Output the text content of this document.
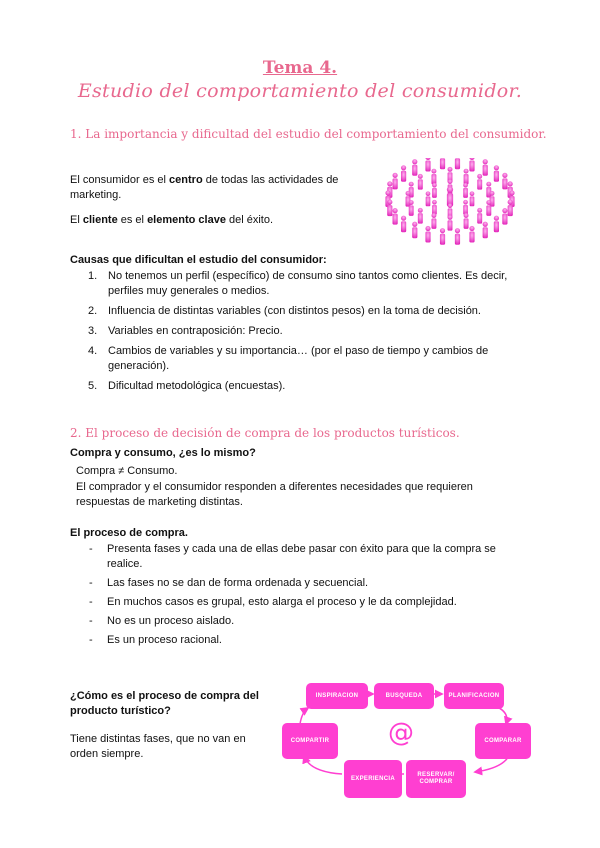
Tema 4.
Estudio del comportamiento del consumidor.
1. La importancia y dificultad del estudio del comportamiento del consumidor.
El consumidor es el centro de todas las actividades de marketing.
El cliente es el elemento clave del éxito.
Causas que dificultan el estudio del consumidor:
1. No tenemos un perfil (específico) de consumo sino tantos como clientes. Es decir, perfiles muy generales o medios.
2. Influencia de distintas variables (con distintos pesos) en la toma de decisión.
3. Variables en contraposición: Precio.
4. Cambios de variables y su importancia… (por el paso de tiempo y cambios de generación).
5. Dificultad metodológica (encuestas).
2. El proceso de decisión de compra de los productos turísticos.
Compra y consumo, ¿es lo mismo?
Compra ≠ Consumo.
El comprador y el consumidor responden a diferentes necesidades que requieren respuestas de marketing distintas.
El proceso de compra.
- Presenta fases y cada una de ellas debe pasar con éxito para que la compra se realice.
- Las fases no se dan de forma ordenada y secuencial.
- En muchos casos es grupal, esto alarga el proceso y le da complejidad.
- No es un proceso aislado.
- Es un proceso racional.
¿Cómo es el proceso de compra del producto turístico?
Tiene distintas fases, que no van en orden siempre.
INSPIRACION	BUSQUEDA	PLANIFICACION
COMPARAR
RESERVAR/ COMPRAR
EXPERIENCIA
COMPARTIR	@
